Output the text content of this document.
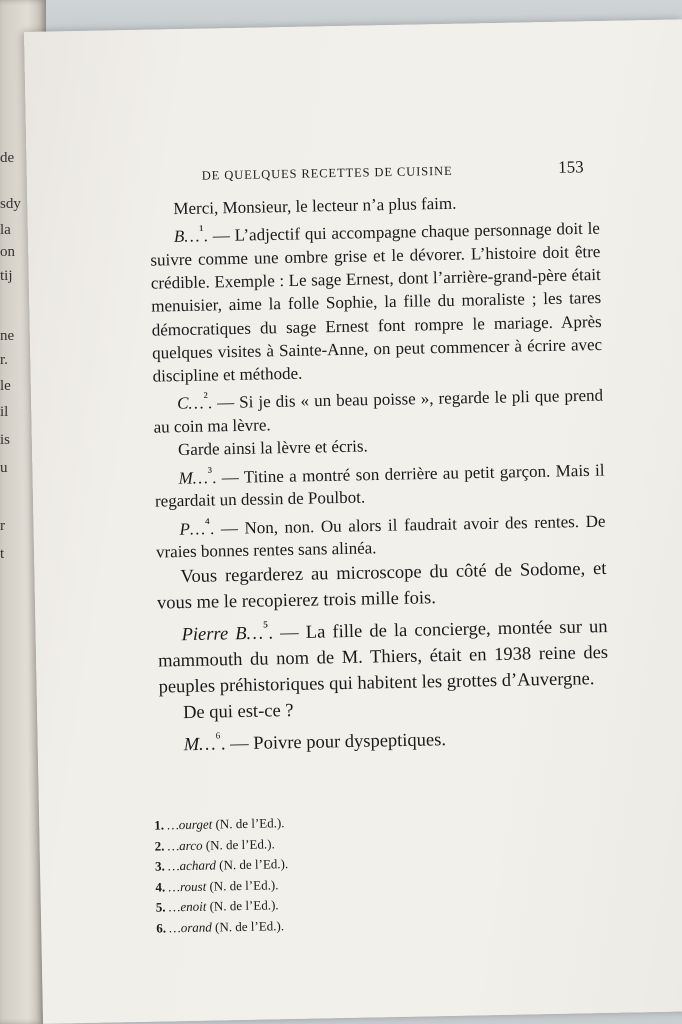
de
sdy
la
on
tij
ne
r.
le
il
is
u
r
t
DE QUELQUES RECETTES DE CUISINE	153

Merci, Monsieur, le lecteur n’a plus faim.

B…$^{^1}$. — L’adjectif qui accompagne chaque personnage doit le suivre comme une ombre grise et le dévorer. L’histoire doit être crédible. Exemple : Le sage Ernest, dont l’arrière-grand-père était menuisier, aime la folle Sophie, la fille du moraliste ; les tares démocratiques du sage Ernest font rompre le mariage. Après quelques visites à Sainte-Anne, on peut commencer à écrire avec discipline et méthode.

C…$^{^2}$. — Si je dis « un beau poisse », regarde le pli que prend au coin ma lèvre.

Garde ainsi la lèvre et écris.

M…$^{^3}$. — Titine a montré son derrière au petit garçon. Mais il regardait un dessin de Poulbot.

P…$^{^4}$. — Non, non. Ou alors il faudrait avoir des rentes. De vraies bonnes rentes sans alinéa.

Vous regarderez au microscope du côté de Sodome, et vous me le recopierez trois mille fois.

Pierre B…$^{^5}$. — La fille de la concierge, montée sur un mammouth du nom de M. Thiers, était en 1938 reine des peuples préhistoriques qui habitent les grottes d’Auvergne.

De qui est-ce ?

M…$^{^6}$. — Poivre pour dyspeptiques.

1. …ourget (N. de l’Ed.).
2. …arco (N. de l’Ed.).
3. …achard (N. de l’Ed.).
4. …roust (N. de l’Ed.).
5. …enoit (N. de l’Ed.).
6. …orand (N. de l’Ed.).
